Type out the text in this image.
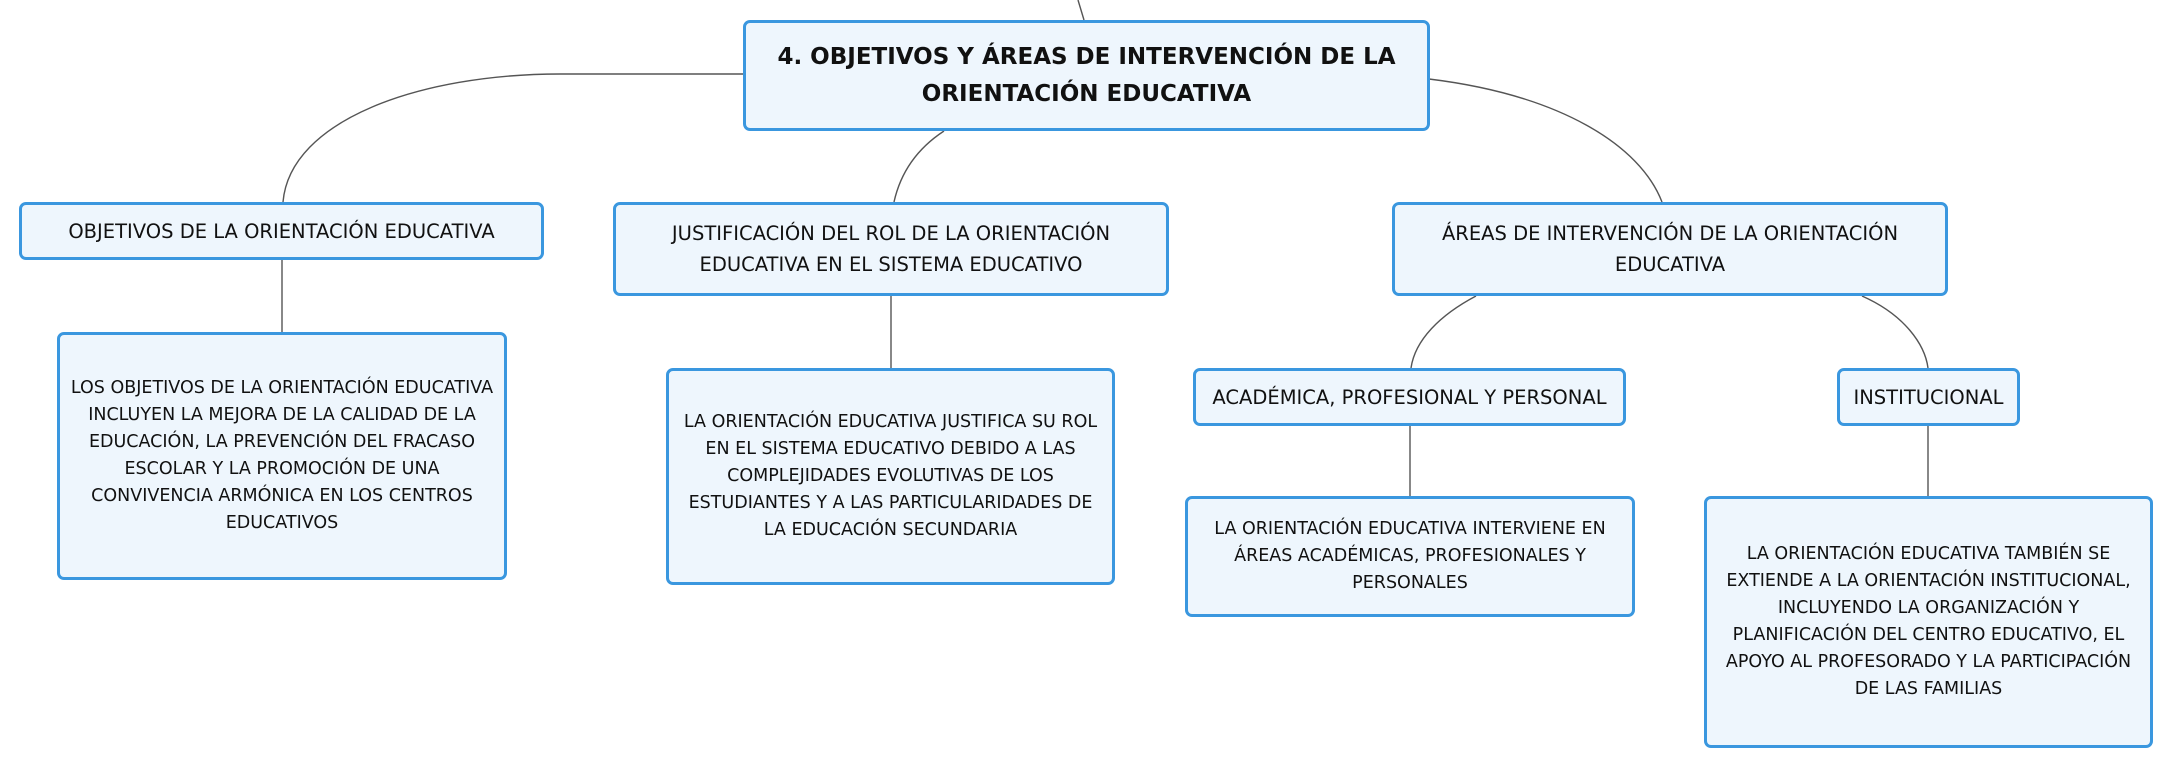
4. OBJETIVOS Y ÁREAS DE INTERVENCIÓN DE LA ORIENTACIÓN EDUCATIVA
OBJETIVOS DE LA ORIENTACIÓN EDUCATIVA	JUSTIFICACIÓN DEL ROL DE LA ORIENTACIÓN EDUCATIVA EN EL SISTEMA EDUCATIVO
ÁREAS DE INTERVENCIÓN DE LA ORIENTACIÓN EDUCATIVA
LOS OBJETIVOS DE LA ORIENTACIÓN EDUCATIVA INCLUYEN LA MEJORA DE LA CALIDAD DE LA EDUCACIÓN, LA PREVENCIÓN DEL FRACASO ESCOLAR Y LA PROMOCIÓN DE UNA CONVIVENCIA ARMÓNICA EN LOS CENTROS EDUCATIVOS
LA ORIENTACIÓN EDUCATIVA JUSTIFICA SU ROL EN EL SISTEMA EDUCATIVO DEBIDO A LAS COMPLEJIDADES EVOLUTIVAS DE LOS ESTUDIANTES Y A LAS PARTICULARIDADES DE LA EDUCACIÓN SECUNDARIA
ACADÉMICA, PROFESIONAL Y PERSONAL	INSTITUCIONAL
LA ORIENTACIÓN EDUCATIVA INTERVIENE EN ÁREAS ACADÉMICAS, PROFESIONALES Y PERSONALES
LA ORIENTACIÓN EDUCATIVA TAMBIÉN SE EXTIENDE A LA ORIENTACIÓN INSTITUCIONAL, INCLUYENDO LA ORGANIZACIÓN Y PLANIFICACIÓN DEL CENTRO EDUCATIVO, EL APOYO AL PROFESORADO Y LA PARTICIPACIÓN DE LAS FAMILIAS
